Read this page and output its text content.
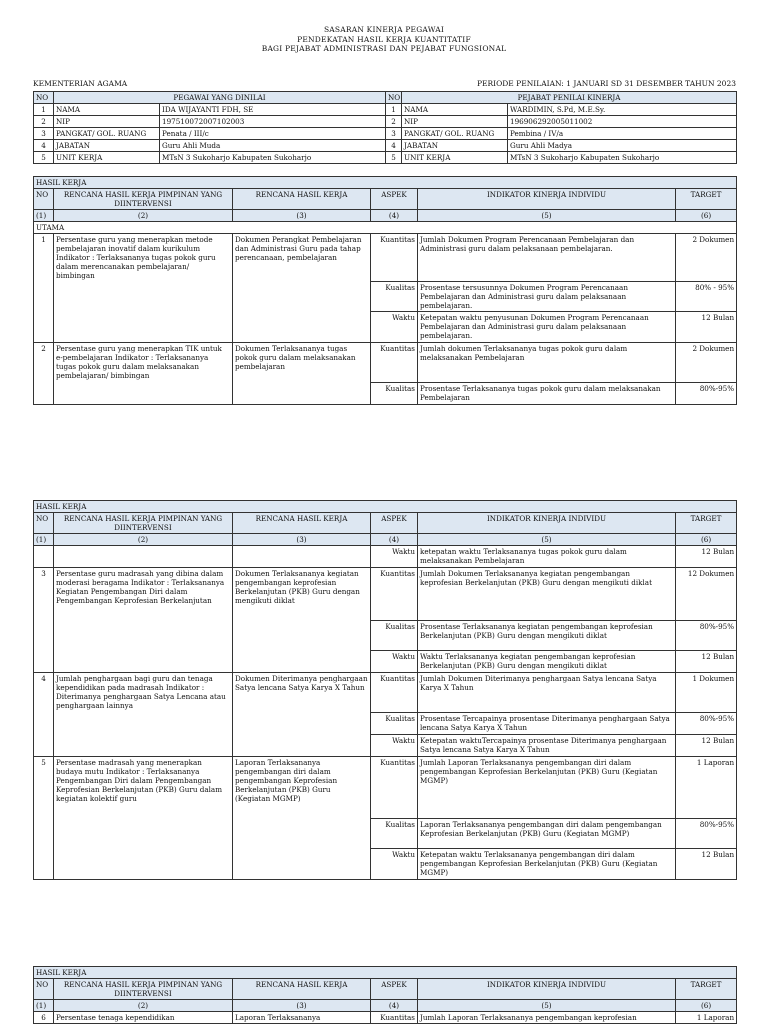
SASARAN KINERJA PEGAWAI
PENDEKATAN HASIL KERJA KUANTITATIF
BAGI PEJABAT ADMINISTRASI DAN PEJABAT FUNGSIONAL
KEMENTERIAN AGAMA	PERIODE PENILAIAN: 1 JANUARI SD 31 DESEMBER TAHUN 2023
NO	PEGAWAI YANG DINILAI		NO	PEJABAT PENILAI KINERJA	
1	NAMA	IDA WIJAYANTI FDH, SE	1	NAMA	WARDIMIN, S.Pd, M.E.Sy.
2	NIP	197510072007102003	2	NIP	196906292005011002
3	PANGKAT/ GOL. RUANG	Penata / III/c	3	PANGKAT/ GOL. RUANG	Pembina / IV/a
4	JABATAN	Guru Ahli Muda	4	JABATAN	Guru Ahli Madya
5	UNIT KERJA	MTsN 3 Sukoharjo Kabupaten Sukoharjo	5	UNIT KERJA	MTsN 3 Sukoharjo Kabupaten Sukoharjo
HASIL KERJA					
NO	RENCANA HASIL KERJA PIMPINAN YANG DIINTERVENSI	RENCANA HASIL KERJA	ASPEK	INDIKATOR KINERJA INDIVIDU	TARGET
(1)	(2)	(3)	(4)	(5)	(6)
UTAMA					
1	Persentase guru yang menerapkan metode pembelajaran inovatif dalam kurikulum Indikator : Terlaksananya tugas pokok guru dalam merencanakan pembelajaran/ bimbingan	Dokumen Perangkat Pembelajaran dan Administrasi Guru pada tahap perencanaan, pembelajaran	Kuantitas	Jumlah Dokumen Program Perencanaan Pembelajaran dan Administrasi guru dalam pelaksanaan pembelajaran.	2 Dokumen
			Kualitas	Prosentase tersusunnya Dokumen Program Perencanaan Pembelajaran dan Administrasi guru dalam pelaksanaan pembelajaran.	80% - 95%
			Waktu	Ketepatan waktu penyusunan Dokumen Program Perencanaan Pembelajaran dan Administrasi guru dalam pelaksanaan pembelajaran.	12 Bulan
2	Persentase guru yang menerapkan TIK untuk e-pembelajaran Indikator : Terlaksananya tugas pokok guru dalam melaksanakan pembelajaran/ bimbingan	Dokumen Terlaksananya tugas pokok guru dalam melaksanakan pembelajaran	Kuantitas	Jumlah dokumen Terlaksananya tugas pokok guru dalam melaksanakan Pembelajaran	2 Dokumen
			Kualitas	Prosentase Terlaksananya tugas pokok guru dalam melaksanakan Pembelajaran	80%-95%
HASIL KERJA					
NO	RENCANA HASIL KERJA PIMPINAN YANG DIINTERVENSI	RENCANA HASIL KERJA	ASPEK	INDIKATOR KINERJA INDIVIDU	TARGET
(1)	(2)	(3)	(4)	(5)	(6)
			Waktu	ketepatan waktu Terlaksananya tugas pokok guru dalam melaksanakan Pembelajaran	12 Bulan
3	Persentase guru madrasah yang dibina dalam moderasi beragama Indikator : Terlaksananya Kegiatan Pengembangan Diri dalam Pengembangan Keprofesian Berkelanjutan	Dokumen Terlaksananya kegiatan pengembangan keprofesian Berkelanjutan (PKB) Guru dengan mengikuti diklat	Kuantitas	Jumlah Dokumen Terlaksananya kegiatan pengembangan keprofesian Berkelanjutan (PKB) Guru dengan mengikuti diklat	12 Dokumen
			Kualitas	Prosentase Terlaksananya kegiatan pengembangan keprofesian Berkelanjutan (PKB) Guru dengan mengikuti diklat	80%-95%
			Waktu	Waktu Terlaksananya kegiatan pengembangan keprofesian Berkelanjutan (PKB) Guru dengan mengikuti diklat	12 Bulan
4	Jumlah penghargaan bagi guru dan tenaga kependidikan pada madrasah Indikator : Diterimanya penghargaan Satya Lencana atau penghargaan lainnya	Dokumen Diterimanya penghargaan Satya lencana Satya Karya X Tahun	Kuantitas	Jumlah Dokumen Diterimanya penghargaan Satya lencana Satya Karya X Tahun	1 Dokumen
			Kualitas	Prosentase Tercapainya prosentase Diterimanya penghargaan Satya lencana Satya Karya X Tahun	80%-95%
			Waktu	Ketepatan waktuTercapainya prosentase Diterimanya penghargaan Satya lencana Satya Karya X Tahun	12 Bulan
5	Persentase madrasah yang menerapkan budaya mutu Indikator : Terlaksananya Pengembangan Diri dalam Pengembangan Keprofesian Berkelanjutan (PKB) Guru dalam kegiatan kolektif guru	Laporan Terlaksananya pengembangan diri dalam pengembangan Keprofesian Berkelanjutan (PKB) Guru (Kegiatan MGMP)	Kuantitas	Jumlah Laporan Terlaksananya pengembangan diri dalam pengembangan Keprofesian Berkelanjutan (PKB) Guru (Kegiatan MGMP)	1 Laporan
			Kualitas	Laporan Terlaksananya pengembangan diri dalam pengembangan Keprofesian Berkelanjutan (PKB) Guru (Kegiatan MGMP)	80%-95%
			Waktu	Ketepatan waktu Terlaksananya pengembangan diri dalam pengembangan Keprofesian Berkelanjutan (PKB) Guru (Kegiatan MGMP)	12 Bulan
HASIL KERJA					
NO	RENCANA HASIL KERJA PIMPINAN YANG DIINTERVENSI	RENCANA HASIL KERJA	ASPEK	INDIKATOR KINERJA INDIVIDU	TARGET
(1)	(2)	(3)	(4)	(5)	(6)
6	Persentase tenaga kependidikan	Laporan Terlaksananya	Kuantitas	Jumlah Laporan Terlaksananya pengembangan keprofesian	1 Laporan
